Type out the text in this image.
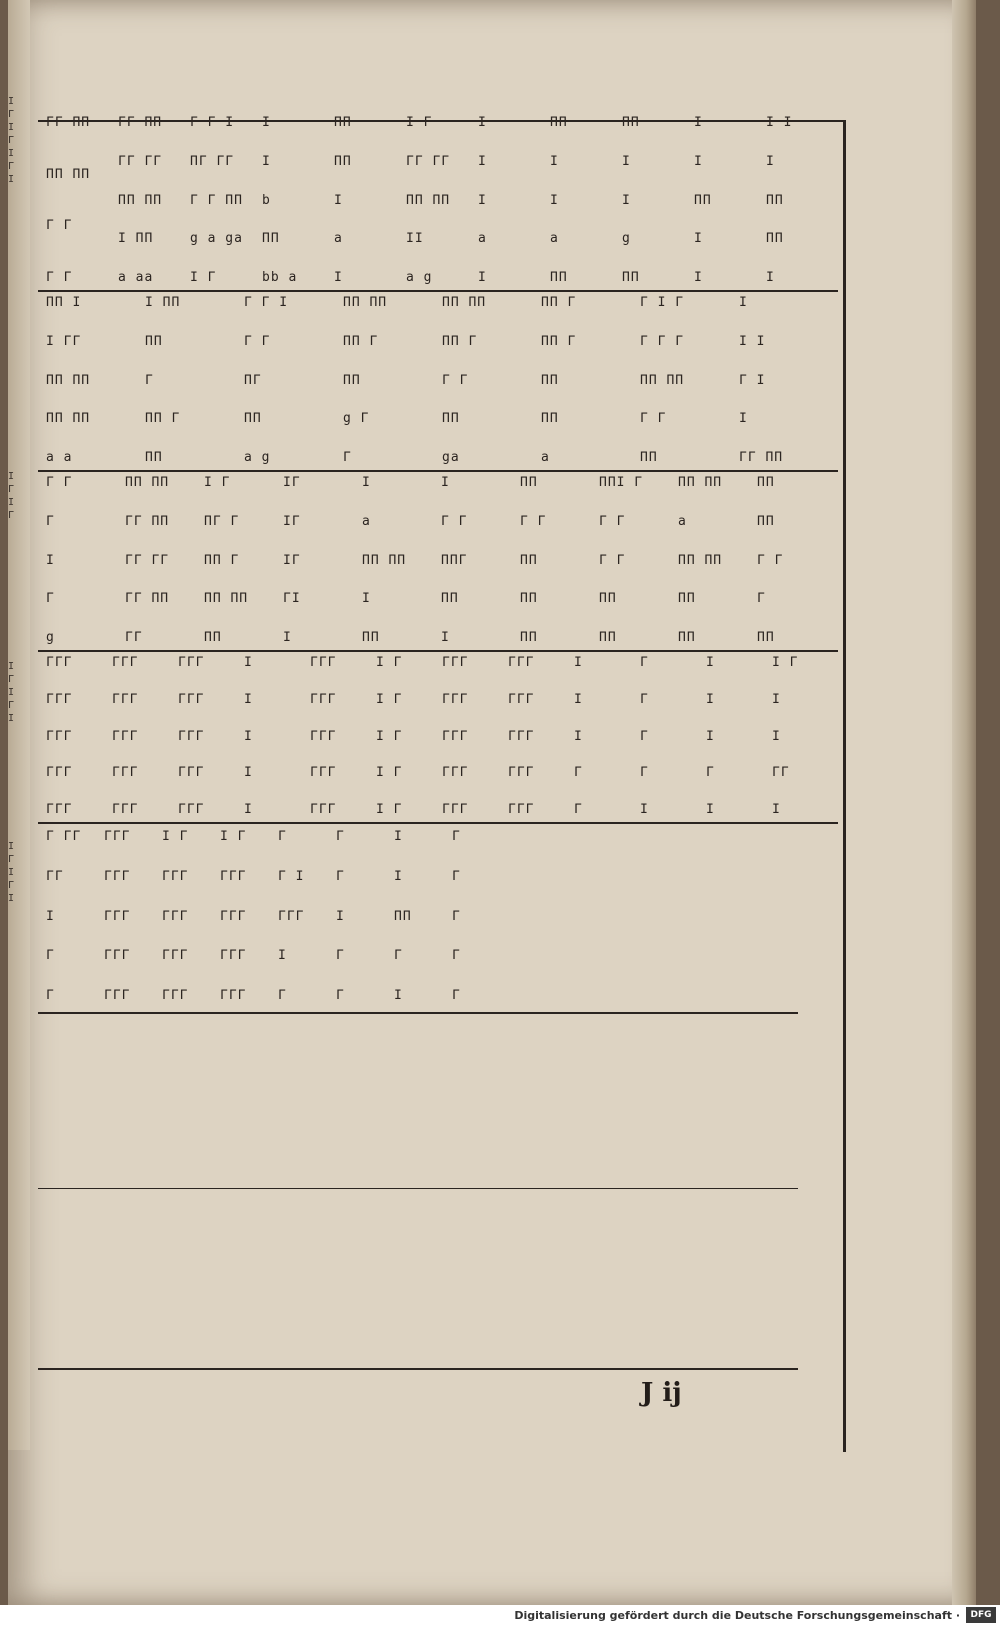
Ι
Γ
Ι
Γ
Ι
Γ
Ι
Ι
Γ
Ι
Γ
Ι
Γ
Ι
Γ
Ι
Ι
Γ
Ι
Γ
Ι
ΓΓ ΠΠ
ΠΠ ΠΠ
Γ Γ
Γ Γ
ΓΓ ΠΠ
ΓΓ ΓΓ
ΠΠ ΠΠ
Ι ΠΠ
a aa
Γ Γ Ι
ΠΓ ΓΓ
Γ Γ ΠΠ
g a ga
Ι Γ
Ι
Ι
b
ΠΠ
bb a
ΠΠ
ΠΠ
Ι
a
Ι
Ι Γ
ΓΓ ΓΓ
ΠΠ ΠΠ
ΙΙ
a g
Ι
Ι
Ι
a
Ι
ΠΠ
Ι
Ι
a
ΠΠ
ΠΠ
Ι
Ι
g
ΠΠ
Ι
Ι
ΠΠ
Ι
Ι
Ι Ι
Ι
ΠΠ
ΠΠ
Ι
ΠΠ Ι
Ι ΓΓ
ΠΠ ΠΠ
ΠΠ ΠΠ
a a
Ι ΠΠ
ΠΠ
Γ
ΠΠ Γ
ΠΠ
Γ Γ Ι
Γ Γ
ΠΓ
ΠΠ
a g
ΠΠ ΠΠ
ΠΠ Γ
ΠΠ
g Γ
Γ
ΠΠ ΠΠ
ΠΠ Γ
Γ Γ
ΠΠ
ga
ΠΠ Γ
ΠΠ Γ
ΠΠ
ΠΠ
a
Γ Ι Γ
Γ Γ Γ
ΠΠ ΠΠ
Γ Γ
ΠΠ
Ι
Ι Ι
Γ Ι
Ι
ΓΓ ΠΠ
Γ Γ
Γ
Ι
Γ
g
ΠΠ ΠΠ
ΓΓ ΠΠ
ΓΓ ΓΓ
ΓΓ ΠΠ
ΓΓ
Ι Γ
ΠΓ Γ
ΠΠ Γ
ΠΠ ΠΠ
ΠΠ
ΙΓ
ΙΓ
ΙΓ
ΓΙ
Ι
Ι
a
ΠΠ ΠΠ
Ι
ΠΠ
Ι
Γ Γ
ΠΠΓ
ΠΠ
Ι
ΠΠ
Γ Γ
ΠΠ
ΠΠ
ΠΠ
ΠΠΙ Γ
Γ Γ
Γ Γ
ΠΠ
ΠΠ
ΠΠ ΠΠ
a
ΠΠ ΠΠ
ΠΠ
ΠΠ
ΠΠ
ΠΠ
Γ Γ
Γ
ΠΠ
ΓΓΓ
ΓΓΓ
ΓΓΓ
ΓΓΓ
ΓΓΓ
ΓΓΓ
ΓΓΓ
ΓΓΓ
ΓΓΓ
ΓΓΓ
ΓΓΓ
ΓΓΓ
ΓΓΓ
ΓΓΓ
ΓΓΓ
Ι
Ι
Ι
Ι
Ι
ΓΓΓ
ΓΓΓ
ΓΓΓ
ΓΓΓ
ΓΓΓ
Ι Γ
Ι Γ
Ι Γ
Ι Γ
Ι Γ
ΓΓΓ
ΓΓΓ
ΓΓΓ
ΓΓΓ
ΓΓΓ
ΓΓΓ
ΓΓΓ
ΓΓΓ
ΓΓΓ
ΓΓΓ
Ι
Ι
Ι
Γ
Γ
Γ
Γ
Γ
Γ
Ι
Ι
Ι
Ι
Γ
Ι
Ι Γ
Ι
Ι
ΓΓ
Ι
Γ ΓΓ
ΓΓ
Ι
Γ
Γ
ΓΓΓ
ΓΓΓ
ΓΓΓ
ΓΓΓ
ΓΓΓ
Ι Γ
ΓΓΓ
ΓΓΓ
ΓΓΓ
ΓΓΓ
Ι Γ
ΓΓΓ
ΓΓΓ
ΓΓΓ
ΓΓΓ
Γ
Γ Ι
ΓΓΓ
Ι
Γ
Γ
Γ
Ι
Γ
Γ
Ι
Ι
ΠΠ
Γ
Ι
Γ
Γ
Γ
Γ
Γ
J ij
Digitalisierung gefördert durch die Deutsche Forschungsgemeinschaft ·	DFG
